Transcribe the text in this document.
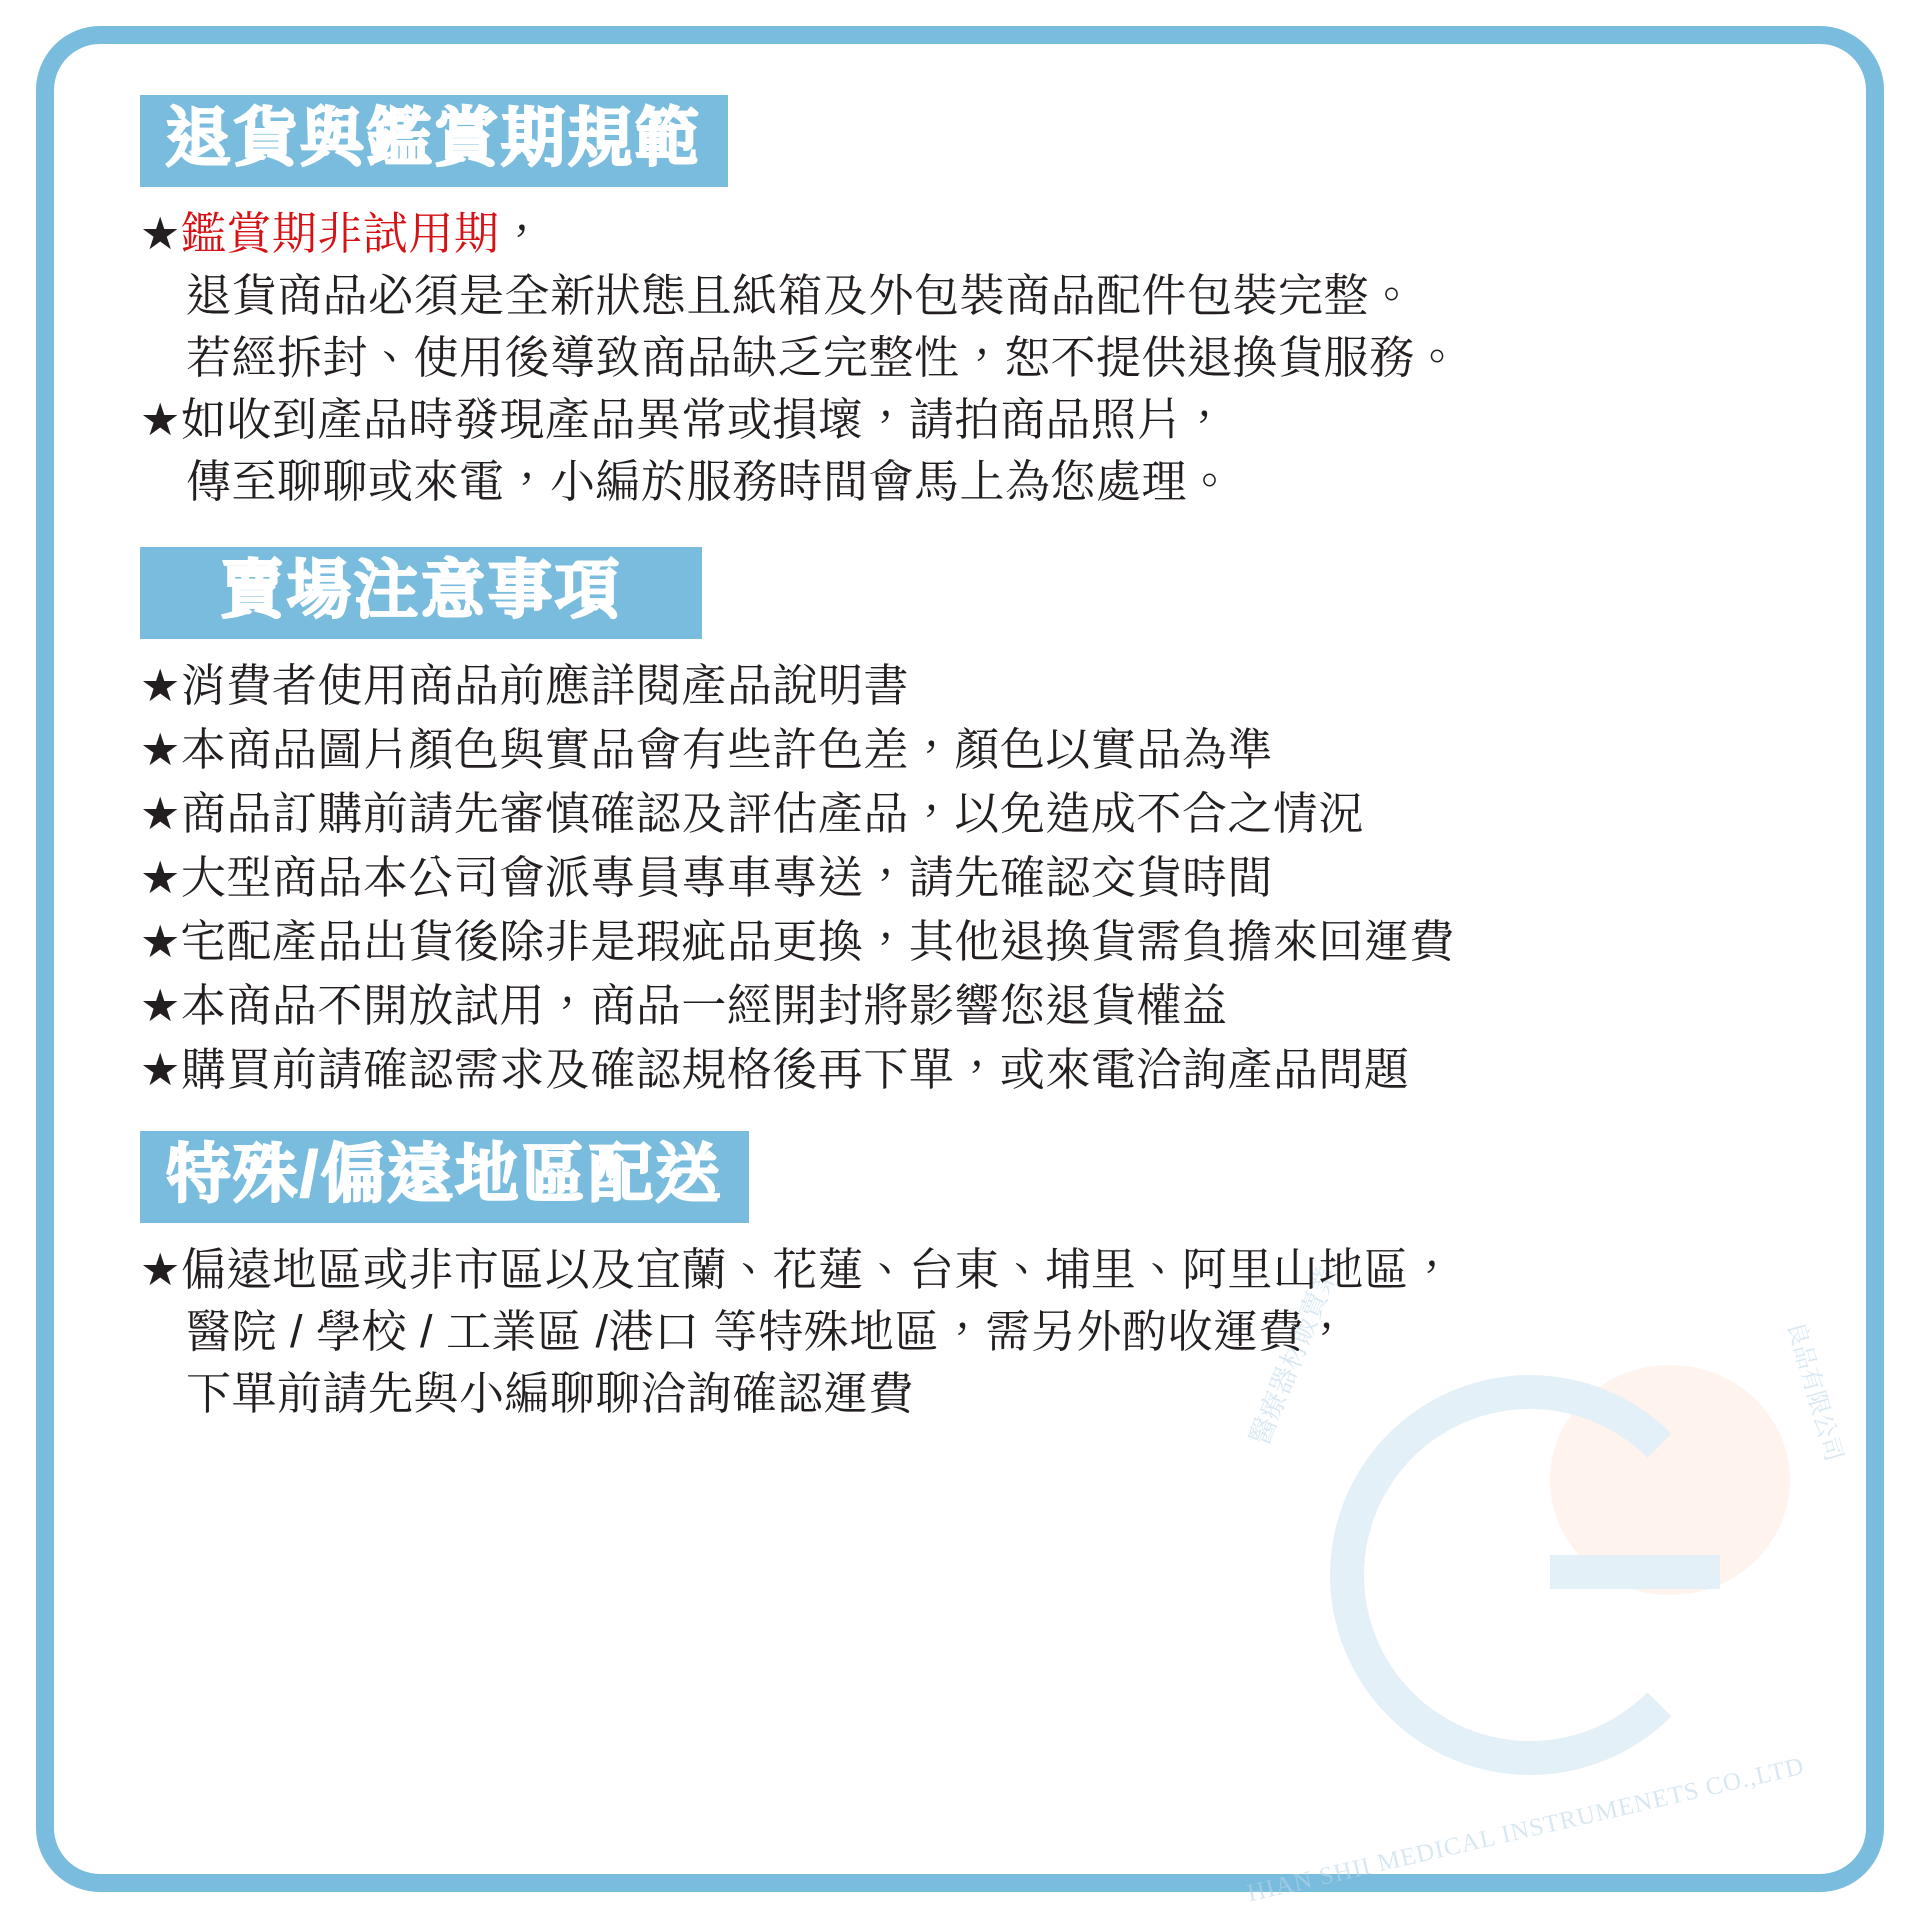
醫療器材販賣業	良品有限公司
HIAN SHII MEDICAL INSTRUMENETS CO.,LTD
退貨與鑑賞期規範
★鑑賞期非試用期，
退貨商品必須是全新狀態且紙箱及外包裝商品配件包裝完整。
若經拆封、使用後導致商品缺乏完整性，恕不提供退換貨服務。
★如收到產品時發現產品異常或損壞，請拍商品照片，
傳至聊聊或來電，小編於服務時間會馬上為您處理。
賣場注意事項
★消費者使用商品前應詳閱產品說明書
★本商品圖片顏色與實品會有些許色差，顏色以實品為準
★商品訂購前請先審慎確認及評估產品，以免造成不合之情況
★大型商品本公司會派專員專車專送，請先確認交貨時間
★宅配產品出貨後除非是瑕疵品更換，其他退換貨需負擔來回運費
★本商品不開放試用，商品一經開封將影響您退貨權益
★購買前請確認需求及確認規格後再下單，或來電洽詢產品問題
特殊/偏遠地區配送
★偏遠地區或非市區以及宜蘭、花蓮、台東、埔里、阿里山地區，
醫院 / 學校 / 工業區 /港口 等特殊地區，需另外酌收運費，
下單前請先與小編聊聊洽詢確認運費
